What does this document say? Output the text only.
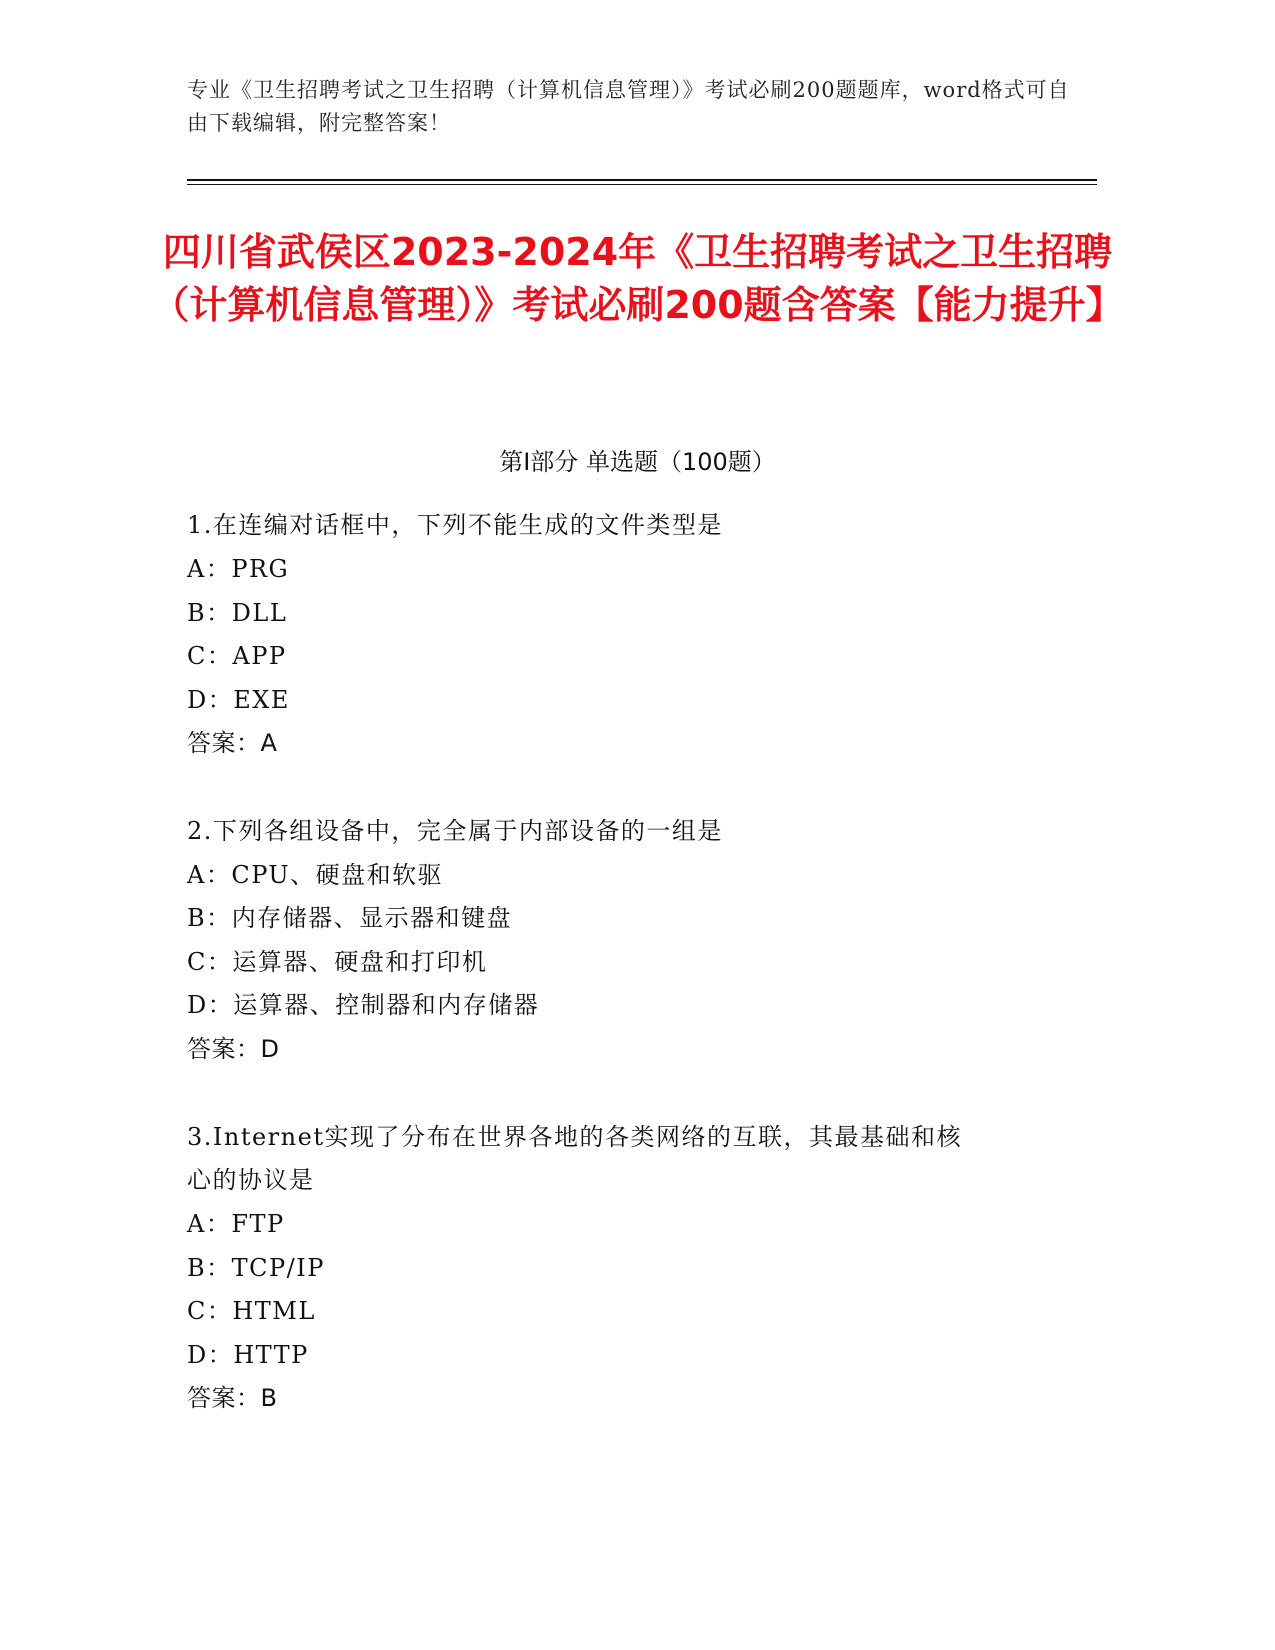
专业《卫生招聘考试之卫生招聘（计算机信息管理）》考试必刷200题题库，word格式可自由下载编辑，附完整答案！
四川省武侯区2023-2024年《卫生招聘考试之卫生招聘（计算机信息管理）》考试必刷200题含答案【能力提升】
第Ⅰ部分 单选题（100题）
1.在连编对话框中，下列不能生成的文件类型是
A：PRG
B：DLL
C：APP
D：EXE
答案：A
2.下列各组设备中，完全属于内部设备的一组是
A：CPU、硬盘和软驱
B：内存储器、显示器和键盘
C：运算器、硬盘和打印机
D：运算器、控制器和内存储器
答案：D
3.Internet实现了分布在世界各地的各类网络的互联，其最基础和核
心的协议是
A：FTP
B：TCP/IP
C：HTML
D：HTTP
答案：B
